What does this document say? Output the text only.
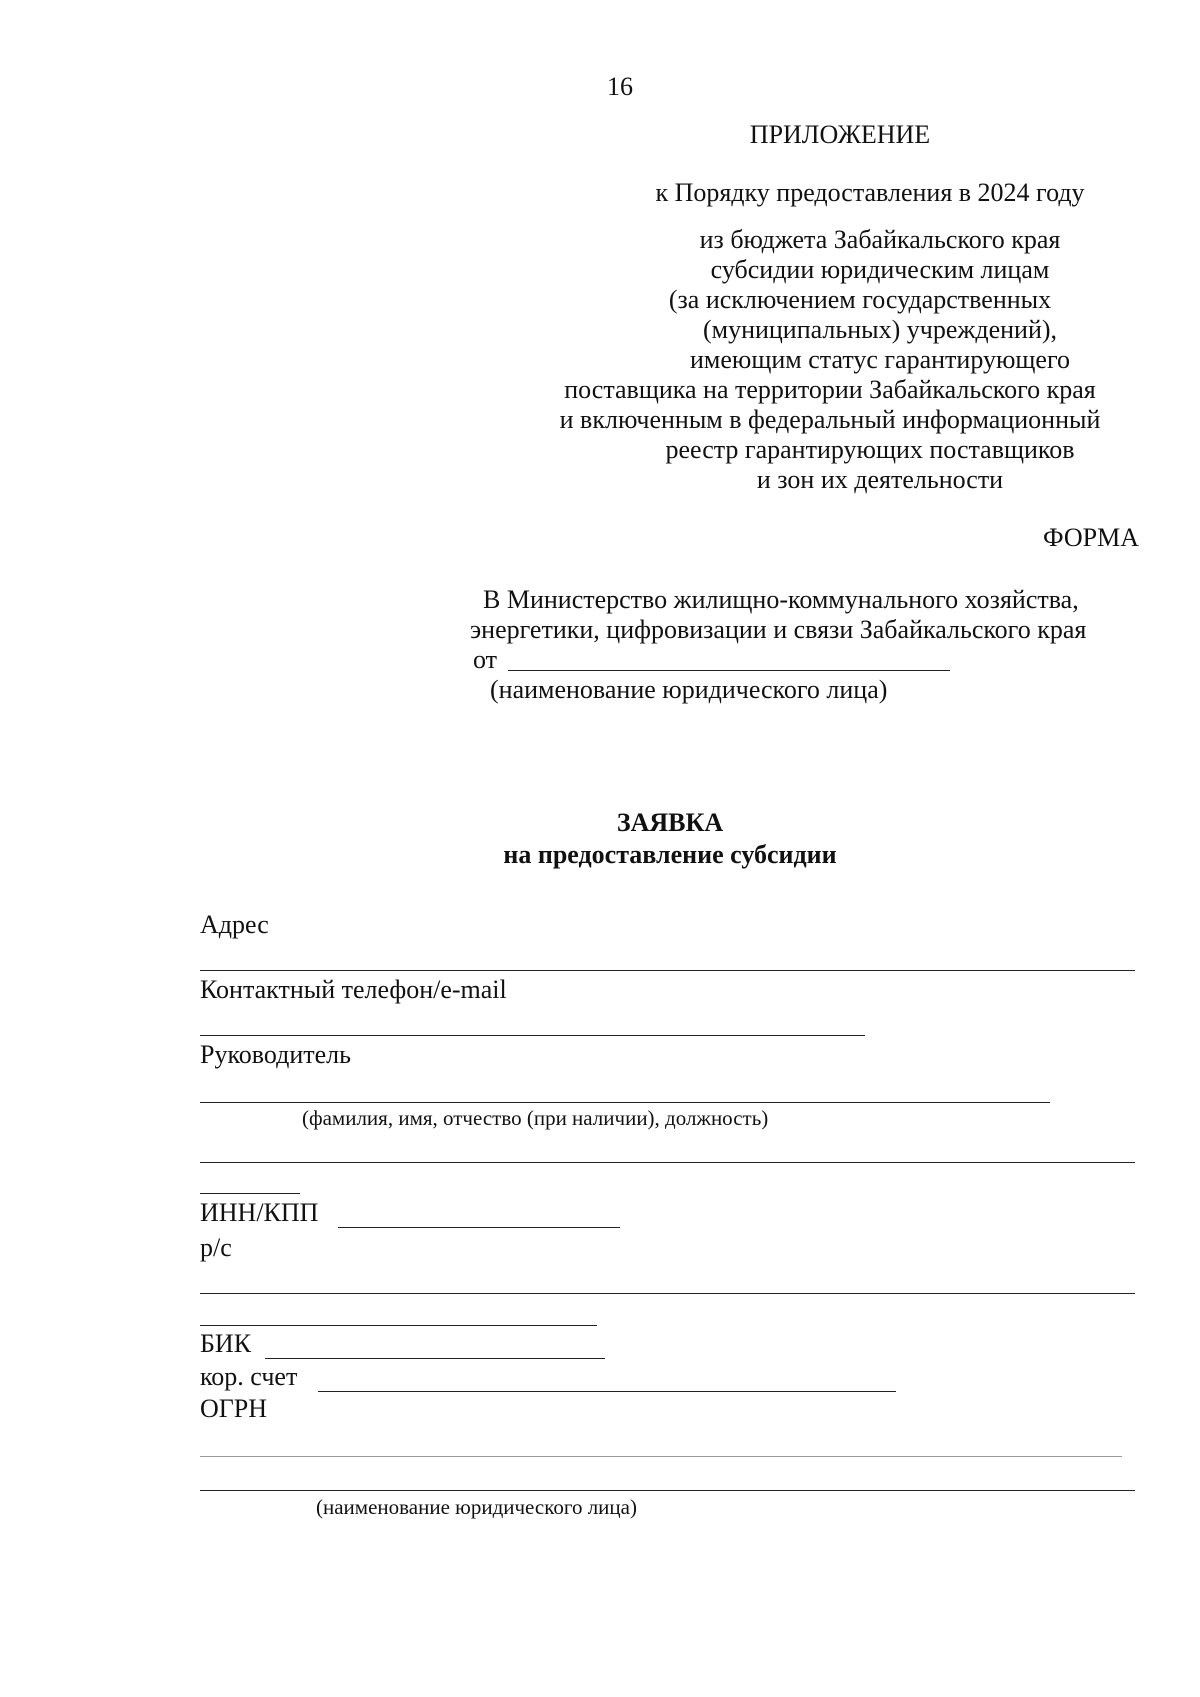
16
ПРИЛОЖЕНИЕ
к Порядку предоставления в 2024 году
из бюджета Забайкальского края
субсидии юридическим лицам
(за исключением государственных
(муниципальных) учреждений),
имеющим статус гарантирующего
поставщика на территории Забайкальского края
и включенным в федеральный информационный
реестр гарантирующих поставщиков
и зон их деятельности
ФОРМА
В Министерство жилищно-коммунального хозяйства,
энергетики, цифровизации и связи Забайкальского края
от
(наименование юридического лица)
ЗАЯВКА
на предоставление субсидии
Адрес
Контактный телефон/e-mail
Руководитель
(фамилия, имя, отчество (при наличии), должность)
ИНН/КПП
р/с
БИК
кор. счет
ОГРН
(наименование юридического лица)
